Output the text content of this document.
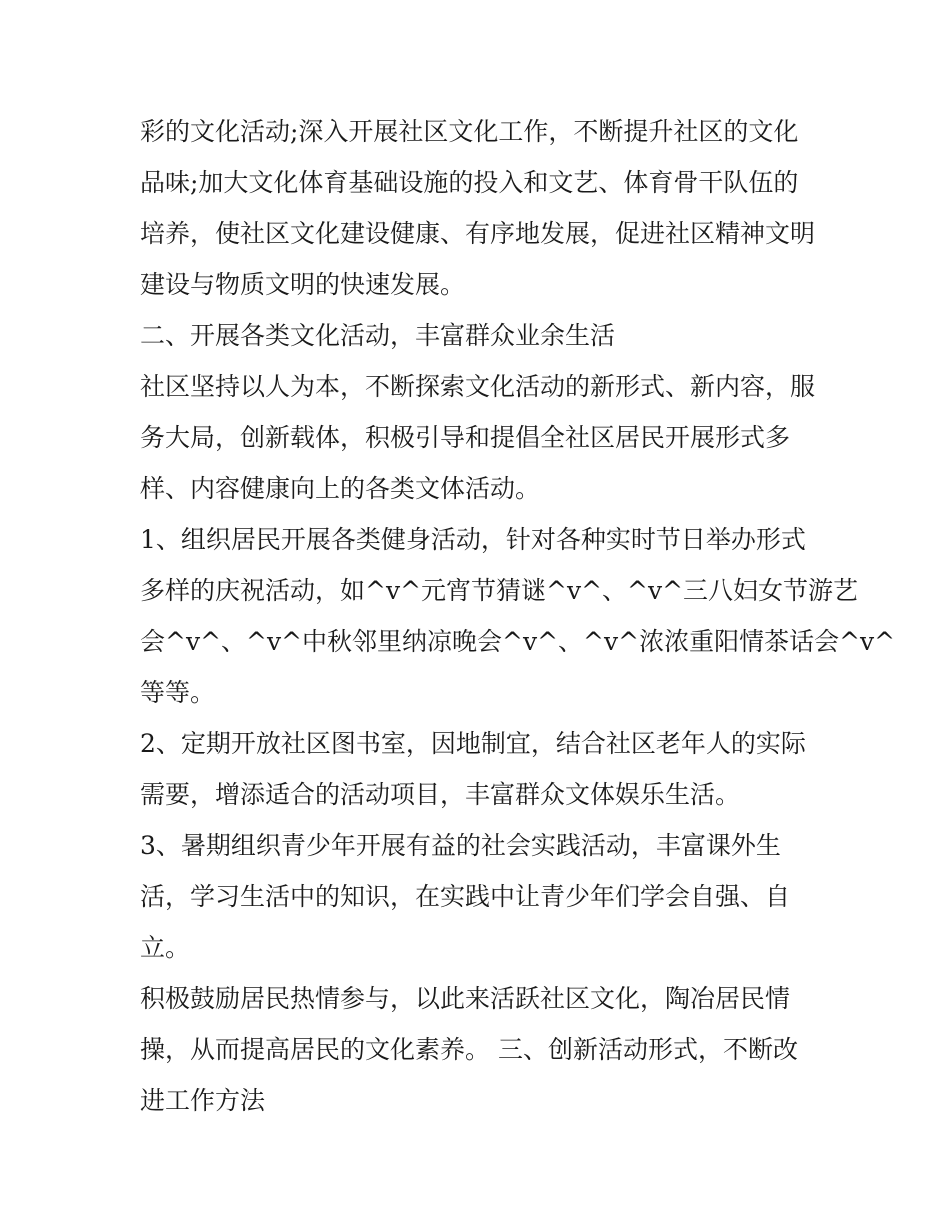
彩的文化活动;深入开展社区文化工作，不断提升社区的文化
品味;加大文化体育基础设施的投入和文艺、体育骨干队伍的
培养，使社区文化建设健康、有序地发展，促进社区精神文明
建设与物质文明的快速发展。
二、开展各类文化活动，丰富群众业余生活
社区坚持以人为本，不断探索文化活动的新形式、新内容，服
务大局，创新载体，积极引导和提倡全社区居民开展形式多
样、内容健康向上的各类文体活动。
1、组织居民开展各类健身活动，针对各种实时节日举办形式
多样的庆祝活动，如^v^元宵节猜谜^v^、^v^三八妇女节游艺
会^v^、^v^中秋邻里纳凉晚会^v^、^v^浓浓重阳情茶话会^v^
等等。
2、定期开放社区图书室，因地制宜，结合社区老年人的实际
需要，增添适合的活动项目，丰富群众文体娱乐生活。
3、暑期组织青少年开展有益的社会实践活动，丰富课外生
活，学习生活中的知识，在实践中让青少年们学会自强、自
立。
积极鼓励居民热情参与，以此来活跃社区文化，陶冶居民情
操，从而提高居民的文化素养。 三、创新活动形式，不断改
进工作方法
